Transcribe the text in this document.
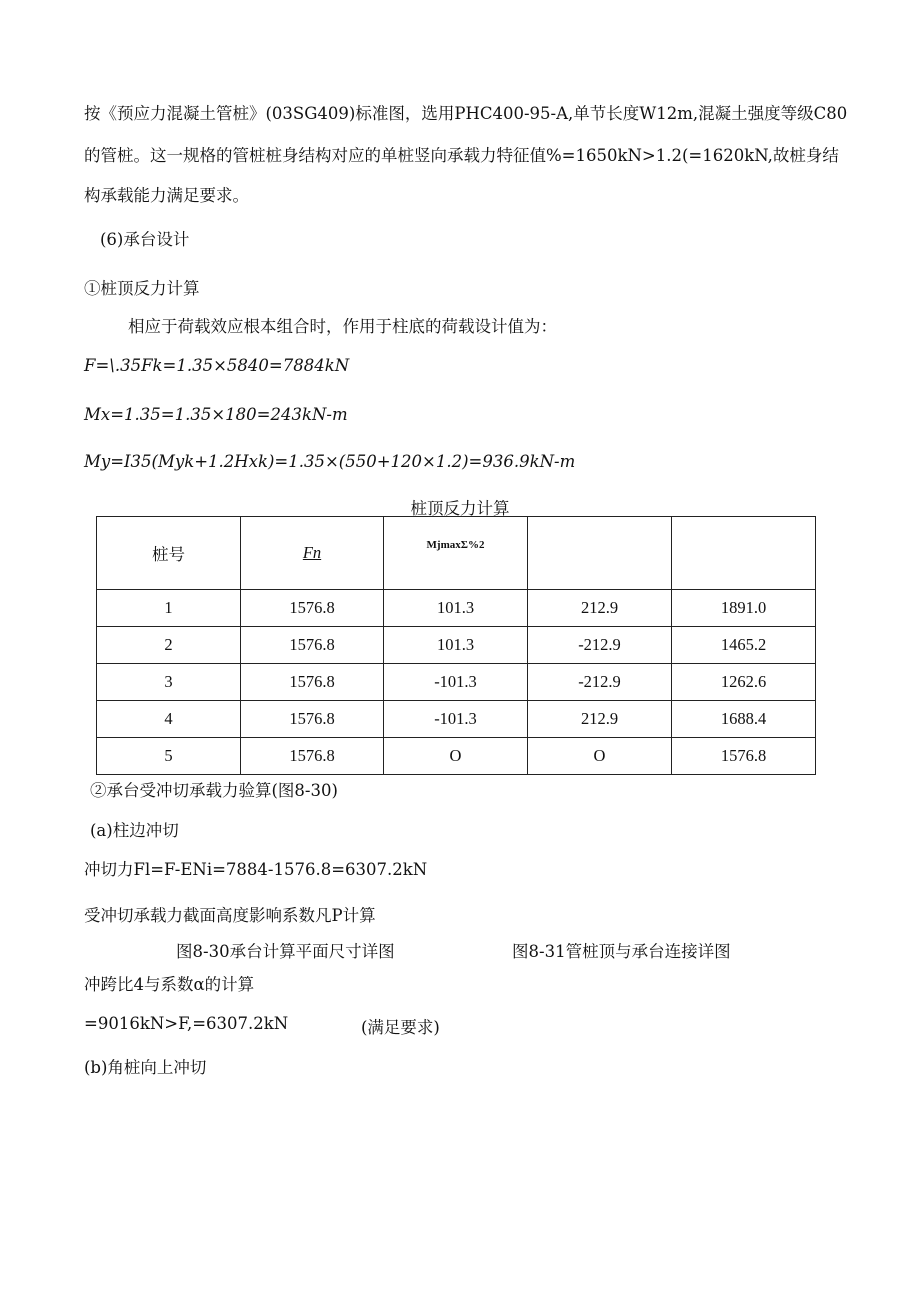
按《预应力混凝土管桩》(03SG409)标准图，选用PHC400-95-A,单节长度W12m,混凝土强度等级C80
的管桩。这一规格的管桩桩身结构对应的单桩竖向承载力特征值%=1650kN>1.2(=1620kN,故桩身结
构承载能力满足要求。
(6)承台设计
①桩顶反力计算
相应于荷载效应根本组合时，作用于柱底的荷载设计值为：
F=\.35Fk=1.35×5840=7884kN
Mx=1.35=1.35×180=243kN-m
My=I35(Myk+1.2Hxk)=1.35×(550+120×1.2)=936.9kN-m
桩顶反力计算
桩号	Fn	$^{Mjmax\Sigma\%2}$		
1	1576.8	101.3	212.9	1891.0
2	1576.8	101.3	-212.9	1465.2
3	1576.8	-101.3	-212.9	1262.6
4	1576.8	-101.3	212.9	1688.4
5	1576.8	O	O	1576.8
②承台受冲切承载力验算(图8-30)
(a)柱边冲切
冲切力Fl=F-ENi=7884-1576.8=6307.2kN
受冲切承载力截面高度影响系数凡P计算
图8-30承台计算平面尺寸详图	图8-31管桩顶与承台连接详图
冲跨比4与系数α的计算
=9016kN>F,=6307.2kN	(满足要求)
(b)角桩向上冲切
